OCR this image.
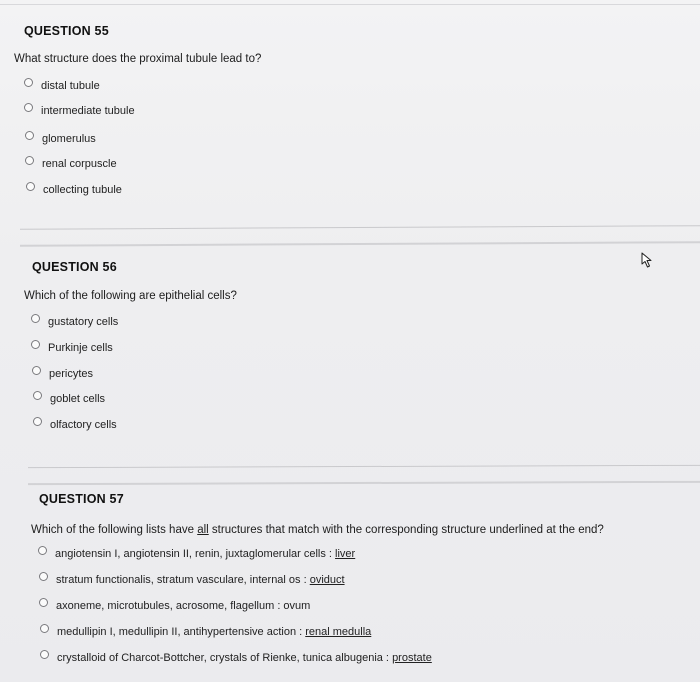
QUESTION 55
What structure does the proximal tubule lead to?
distal tubule
intermediate tubule
glomerulus
renal corpuscle
collecting tubule
QUESTION 56
Which of the following are epithelial cells?
gustatory cells
Purkinje cells
pericytes
goblet cells
olfactory cells
QUESTION 57
Which of the following lists have all structures that match with the corresponding structure underlined at the end?
angiotensin I, angiotensin II, renin, juxtaglomerular cells : liver
stratum functionalis, stratum vasculare, internal os : oviduct
axoneme, microtubules, acrosome, flagellum : ovum
medullipin I, medullipin II, antihypertensive action : renal medulla
crystalloid of Charcot-Bottcher, crystals of Rienke, tunica albugenia : prostate
